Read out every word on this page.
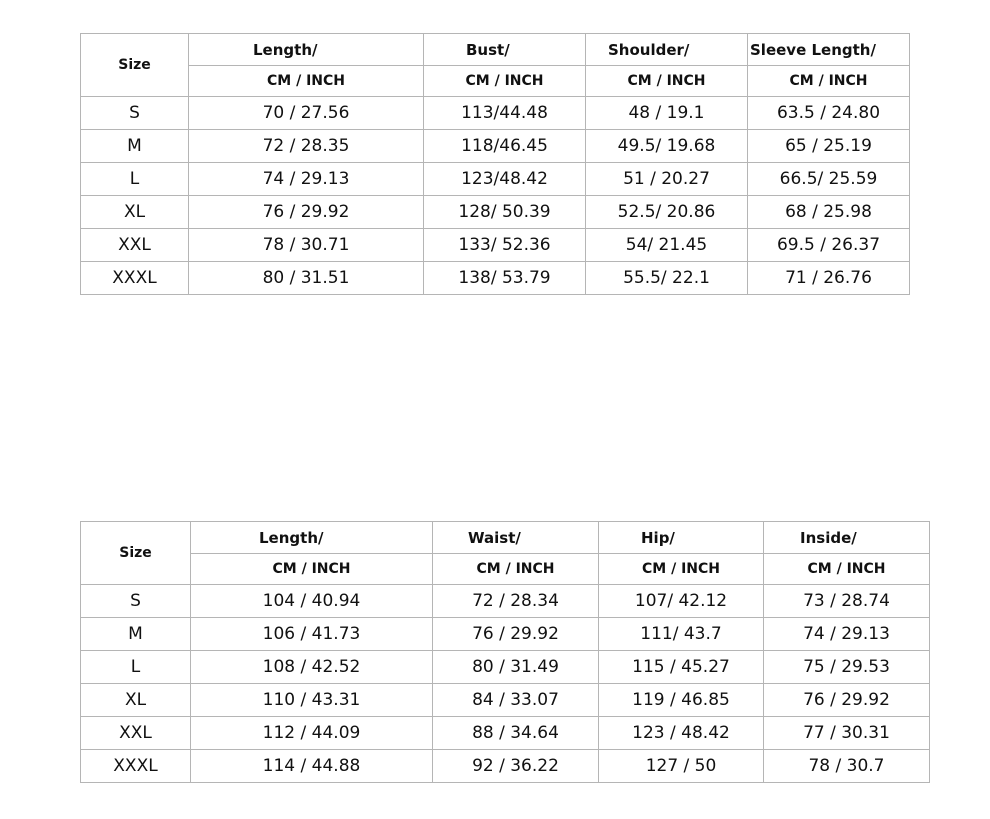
Size	Length/	Bust/	Shoulder/	Sleeve Length/
	CM / INCH	CM / INCH	CM / INCH	CM / INCH
S	70 / 27.56	113/44.48	48 / 19.1	63.5 / 24.80
M	72 / 28.35	118/46.45	49.5/ 19.68	65 / 25.19
L	74 / 29.13	123/48.42	51 / 20.27	66.5/ 25.59
XL	76 / 29.92	128/ 50.39	52.5/ 20.86	68 / 25.98
XXL	78 / 30.71	133/ 52.36	54/ 21.45	69.5 / 26.37
XXXL	80 / 31.51	138/ 53.79	55.5/ 22.1	71 / 26.76
Size	Length/	Waist/	Hip/	Inside/
	CM / INCH	CM / INCH	CM / INCH	CM / INCH
S	104 / 40.94	72 / 28.34	107/ 42.12	73 / 28.74
M	106 / 41.73	76 / 29.92	111/ 43.7	74 / 29.13
L	108 / 42.52	80 / 31.49	115 / 45.27	75 / 29.53
XL	110 / 43.31	84 / 33.07	119 / 46.85	76 / 29.92
XXL	112 / 44.09	88 / 34.64	123 / 48.42	77 / 30.31
XXXL	114 / 44.88	92 / 36.22	127 / 50	78 / 30.7
